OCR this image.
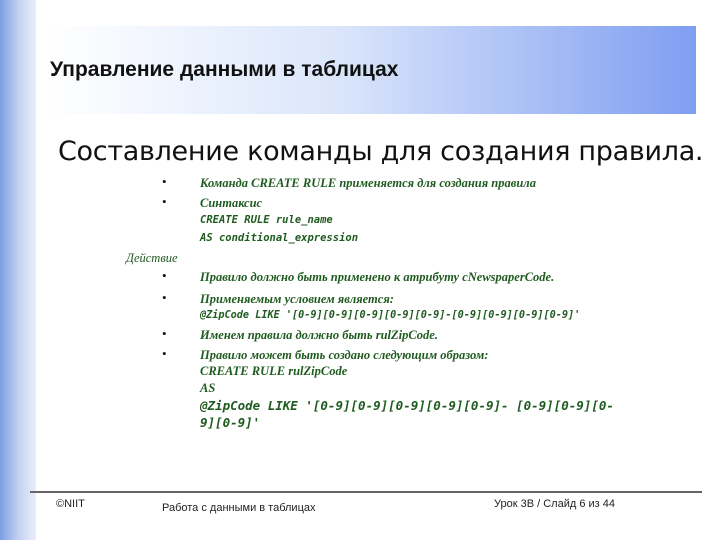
Управление данными в таблицах
Составление команды для создания правила.
•	Команда CREATE RULE применяется для создания правила
•	Синтаксис
CREATE RULE rule_name
AS conditional_expression
Действие
•	Правило должно быть применено к атрибуту cNewspaperCode.
•	Применяемым условием является:
@ZipCode LIKE '[0-9][0-9][0-9][0-9][0-9]-[0-9][0-9][0-9][0-9]'
•	Именем правила должно быть rulZipCode.
•	Правило может быть создано следующим образом:
CREATE RULE rulZipCode
AS
@ZipCode LIKE '[0-9][0-9][0-9][0-9][0-9]- [0-9][0-9][0-
9][0-9]'
©NIIT	Работа с данными в таблицах	Урок 3B / Слайд 6 из 44
